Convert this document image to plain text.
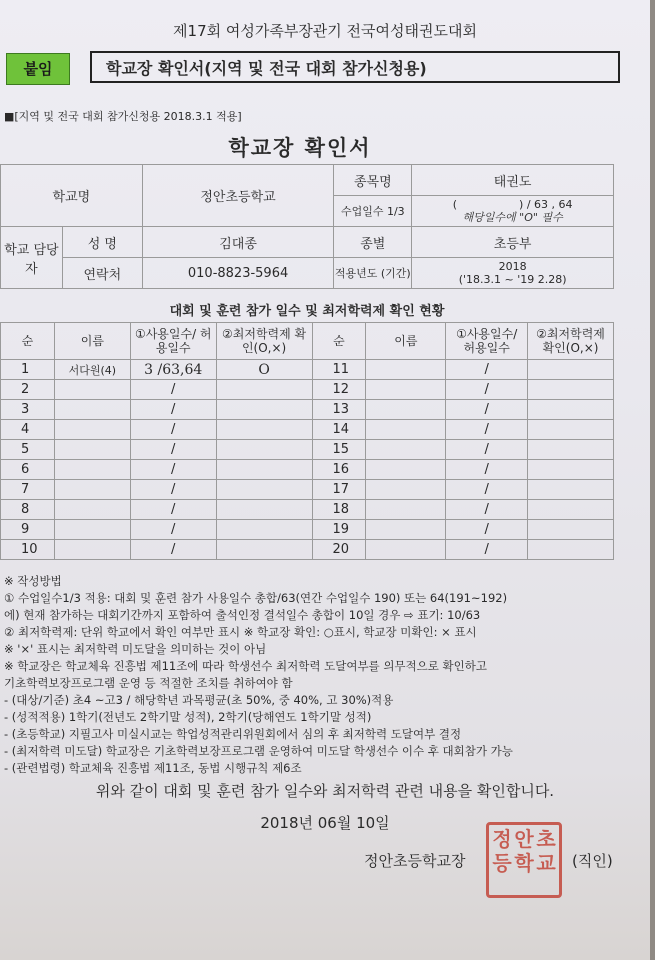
제17회 여성가족부장관기 전국여성태권도대회
붙임	학교장 확인서(지역 및 전국 대회 참가신청용)
■[지역 및 전국 대회 참가신청용 2018.3.1 적용]
학교장 확인서
학교명		정안초등학교	종목명	태권도
			수업일수 1/3	( ) / 63 , 64
해당일수에 "O" 필수
학교 담당자	성 명	김대종	종별	초등부
	연락처	010-8823-5964	적용년도 (기간)	2018
('18.3.1 ~ '19 2.28)
대회 및 훈련 참가 일수 및 최저학력제 확인 현황
순	이름	①사용일수/ 허용일수	②최저학력제 확인(O,×)	순	이름	①사용일수/ 허용일수	②최저학력제 확인(O,×)
1	서다원(4)	3 /63,64	O	11		/	
2		/		12		/	
3		/		13		/	
4		/		14		/	
5		/		15		/	
6		/		16		/	
7		/		17		/	
8		/		18		/	
9		/		19		/	
10		/		20		/	
※ 작성방법
① 수업일수1/3 적용: 대회 및 훈련 참가 사용일수 총합/63(연간 수업일수 190) 또는 64(191~192)
에) 현재 참가하는 대회기간까지 포함하여 출석인정 결석일수 총합이 10일 경우 ⇨ 표기: 10/63
② 최저학력제: 단위 학교에서 확인 여부만 표시 ※ 학교장 확인: ○표시, 학교장 미확인: × 표시
※ '×' 표시는 최저학력 미도달을 의미하는 것이 아님
※ 학교장은 학교체육 진흥법 제11조에 따라 학생선수 최저학력 도달여부를 의무적으로 확인하고
기초학력보장프로그램 운영 등 적절한 조치를 취하여야 함
- (대상/기준) 초4 ~고3 / 해당학년 과목평균(초 50%, 중 40%, 고 30%)적용
- (성적적용) 1학기(전년도 2학기말 성적), 2학기(당해연도 1학기말 성적)
- (초등학교) 지필고사 미실시교는 학업성적관리위원회에서 심의 후 최저학력 도달여부 결정
- (최저학력 미도달) 학교장은 기초학력보장프로그램 운영하여 미도달 학생선수 이수 후 대회참가 가능
- (관련법령) 학교체육 진흥법 제11조, 동법 시행규칙 제6조
위와 같이 대회 및 훈련 참가 일수와 최저학력 관련 내용을 확인합니다.
2018년 06월 10일
정안초등학교장
정 안 초
등 학 교	(직인)
